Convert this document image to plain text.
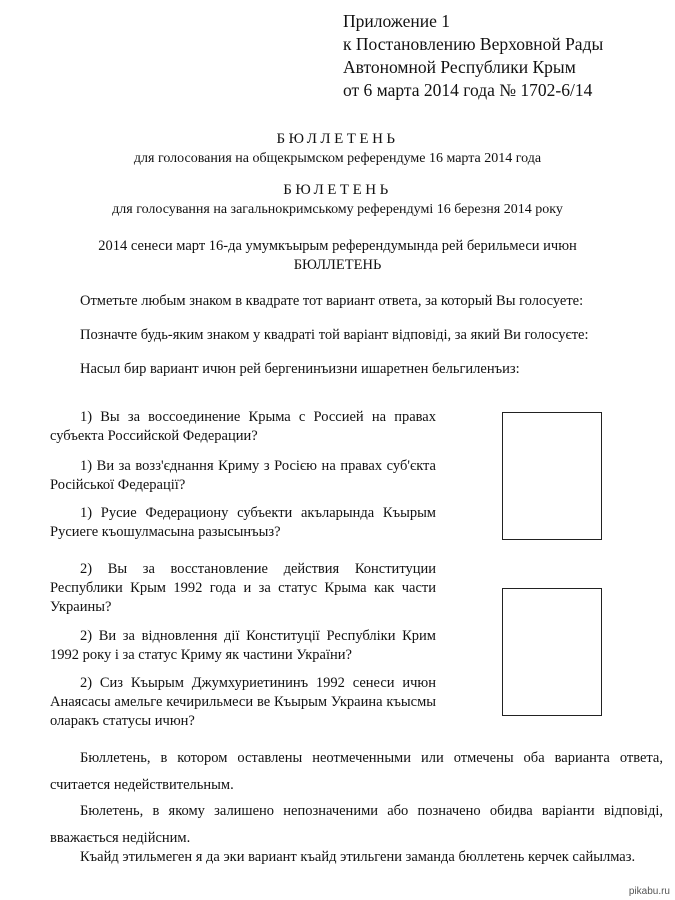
Приложение 1
к Постановлению Верховной Рады
Автономной Республики Крым
от 6 марта 2014 года № 1702-6/14
БЮЛЛЕТЕНЬ
для голосования на общекрымском референдуме 16 марта 2014 года
БЮЛЕТЕНЬ
для голосування на загальнокримському референдумі 16 березня 2014 року
2014 сенеси март 16-да умумкъырым референдумында рей берильмеси ичюн
БЮЛЛЕТЕНЬ
Отметьте любым знаком в квадрате тот вариант ответа, за который Вы голосуете:
Позначте будь-яким знаком у квадраті той варіант відповіді, за який Ви голосуєте:
Насыл бир вариант ичюн рей бергенинъизни ишаретнен бельгиленъиз:
1) Вы за воссоединение Крыма с Россией на правах субъекта Российской Федерации?
1) Ви за возз'єднання Криму з Росією на правах суб'єкта Російської Федерації?
1) Русие Федерациону субъекти акъларында Къырым Русиеге къошулмасына разысынъыз?
2) Вы за восстановление действия Конституции Республики Крым 1992 года и за статус Крыма как части Украины?
2) Ви за відновлення дії Конституції Республіки Крим 1992 року і за статус Криму як частини України?
2) Сиз Къырым Джумхуриетининъ 1992 сенеси ичюн Анаясасы амельге кечирильмеси ве Къырым Украина къысмы оларакъ статусы ичюн?
Бюллетень, в котором оставлены неотмеченными или отмечены оба варианта ответа, считается недействительным.
Бюлетень, в якому залишено непозначеними або позначено обидва варіанти відповіді, вважається недійсним.
Къайд этильмеген я да эки вариант къайд этильгени заманда бюллетень керчек сайылмаз.
pikabu.ru
